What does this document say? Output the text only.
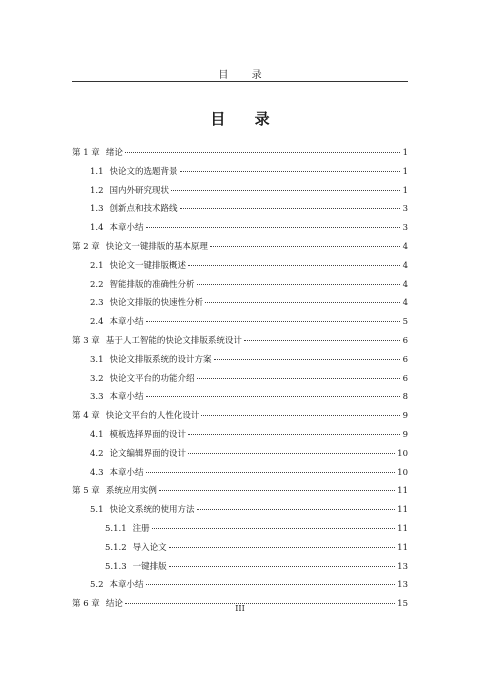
目 录
目 录
第 1 章 绪论	1
1.1 快论文的选题背景	1
1.2 国内外研究现状	1
1.3 创新点和技术路线	3
1.4 本章小结	3
第 2 章 快论文一键排版的基本原理	4
2.1 快论文一键排版概述	4
2.2 智能排版的准确性分析	4
2.3 快论文排版的快速性分析	4
2.4 本章小结	5
第 3 章 基于人工智能的快论文排版系统设计	6
3.1 快论文排版系统的设计方案	6
3.2 快论文平台的功能介绍	6
3.3 本章小结	8
第 4 章 快论文平台的人性化设计	9
4.1 模板选择界面的设计	9
4.2 论文编辑界面的设计	10
4.3 本章小结	10
第 5 章 系统应用实例	11
5.1 快论文系统的使用方法	11
5.1.1 注册	11
5.1.2 导入论文	11
5.1.3 一键排版	13
5.2 本章小结	13
第 6 章 结论	15
III
